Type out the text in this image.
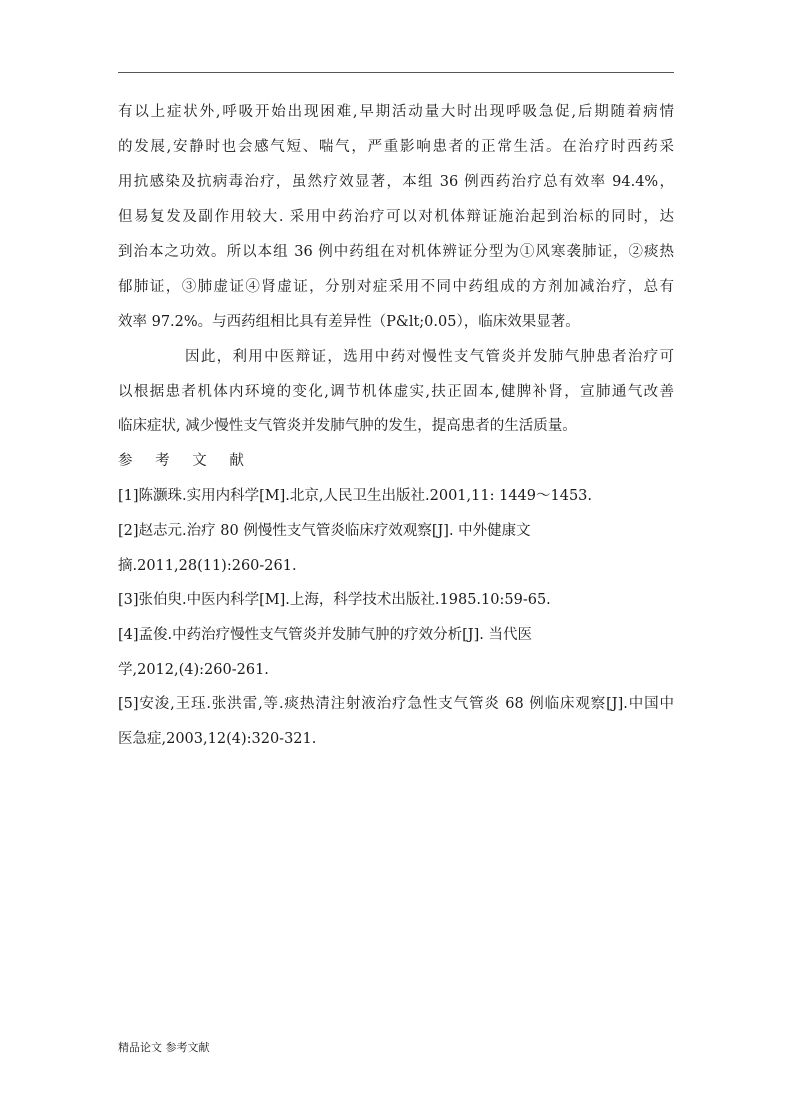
有以上症状外,呼吸开始出现困难,早期活动量大时出现呼吸急促,后期随着病情
的发展,安静时也会感气短、喘气，严重影响患者的正常生活。在治疗时西药采
用抗感染及抗病毒治疗，虽然疗效显著，本组 36 例西药治疗总有效率 94.4%，
但易复发及副作用较大. 采用中药治疗可以对机体辩证施治起到治标的同时，达
到治本之功效。所以本组 36 例中药组在对机体辨证分型为①风寒袭肺证，②痰热
郁肺证，③肺虚证④肾虚证，分别对症采用不同中药组成的方剂加减治疗，总有
效率 97.2%。与西药组相比具有差异性（P&lt;0.05），临床效果显著。
因此，利用中医辩证，选用中药对慢性支气管炎并发肺气肿患者治疗可
以根据患者机体内环境的变化,调节机体虚实,扶正固本,健脾补肾，宣肺通气改善
临床症状, 减少慢性支气管炎并发肺气肿的发生，提高患者的生活质量。
参 考 文 献
[1]陈灏珠.实用内科学[M].北京,人民卫生出版社.2001,11: 1449～1453.
[2]赵志元.治疗 80 例慢性支气管炎临床疗效观察[J]. 中外健康文
摘.2011,28(11):260-261.
[3]张伯臾.中医内科学[M].上海，科学技术出版社.1985.10:59-65.
[4]孟俊.中药治疗慢性支气管炎并发肺气肿的疗效分析[J]. 当代医
学,2012,(4):260-261.
[5]安浚,王珏.张洪雷,等.痰热清注射液治疗急性支气管炎 68 例临床观察[J].中国中
医急症,2003,12(4):320-321.
精品论文 参考文献
